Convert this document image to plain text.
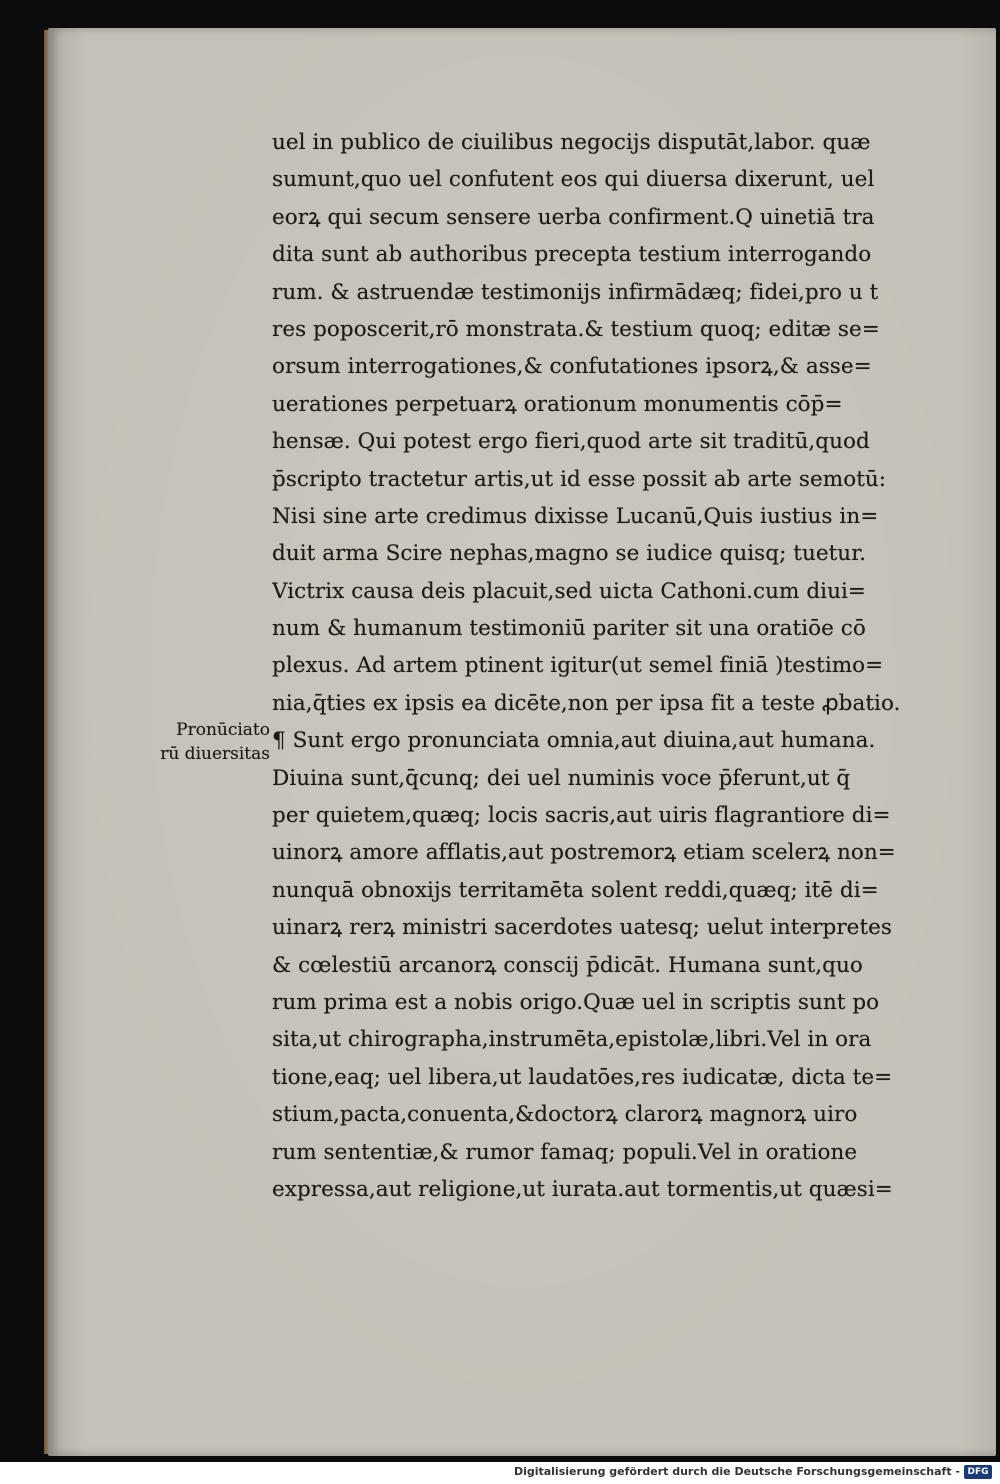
Pronūciato
rū diuersitas
uel in publico de ciuilibus negocijs disputāt,labor. quæ
sumunt,quo uel confutent eos qui diuersa dixerunt, uel
eorꝝ qui secum sensere uerba confirment.Q uinetiā tra
dita sunt ab authoribus precepta testium interrogando
rum. & astruendæ testimonijs infirmādæq; fidei,pro u t
res poposcerit,rō monstrata.& testium quoq; editæ se=
orsum interrogationes,& confutationes ipsorꝝ,& asse=
uerationes perpetuarꝝ orationum monumentis cōp̄=
hensæ. Qui potest ergo fieri,quod arte sit traditū,quod
p̄scripto tractetur artis,ut id esse possit ab arte semotū:
Nisi sine arte credimus dixisse Lucanū,Quis iustius in=
duit arma Scire nephas,magno se iudice quisq; tuetur.
Victrix causa deis placuit,sed uicta Cathoni.cum diui=
num & humanum testimoniū pariter sit una oratiōe cō
plexus. Ad artem ptinent igitur(ut semel finiā )testimo=
nia,q̄ties ex ipsis ea dicēte,non per ipsa fit a teste ꝓbatio.
¶ Sunt ergo pronunciata omnia,aut diuina,aut humana.
Diuina sunt,q̄cunq; dei uel numinis voce p̄ferunt,ut q̄
per quietem,quæq; locis sacris,aut uiris flagrantiore di=
uinorꝝ amore afflatis,aut postremorꝝ etiam scelerꝝ non=
nunquā obnoxijs territamēta solent reddi,quæq; itē di=
uinarꝝ rerꝝ ministri sacerdotes uatesq; uelut interpretes
& cœlestiū arcanorꝝ conscij p̄dicāt. Humana sunt,quo
rum prima est a nobis origo.Quæ uel in scriptis sunt po
sita,ut chirographa,instrumēta,epistolæ,libri.Vel in ora
tione,eaq; uel libera,ut laudatōes,res iudicatæ, dicta te=
stium,pacta,conuenta,&doctorꝝ clarorꝝ magnorꝝ uiro
rum sententiæ,& rumor famaq; populi.Vel in oratione
expressa,aut religione,ut iurata.aut tormentis,ut quæsi=
Digitalisierung gefördert durch die Deutsche Forschungsgemeinschaft - DFG
